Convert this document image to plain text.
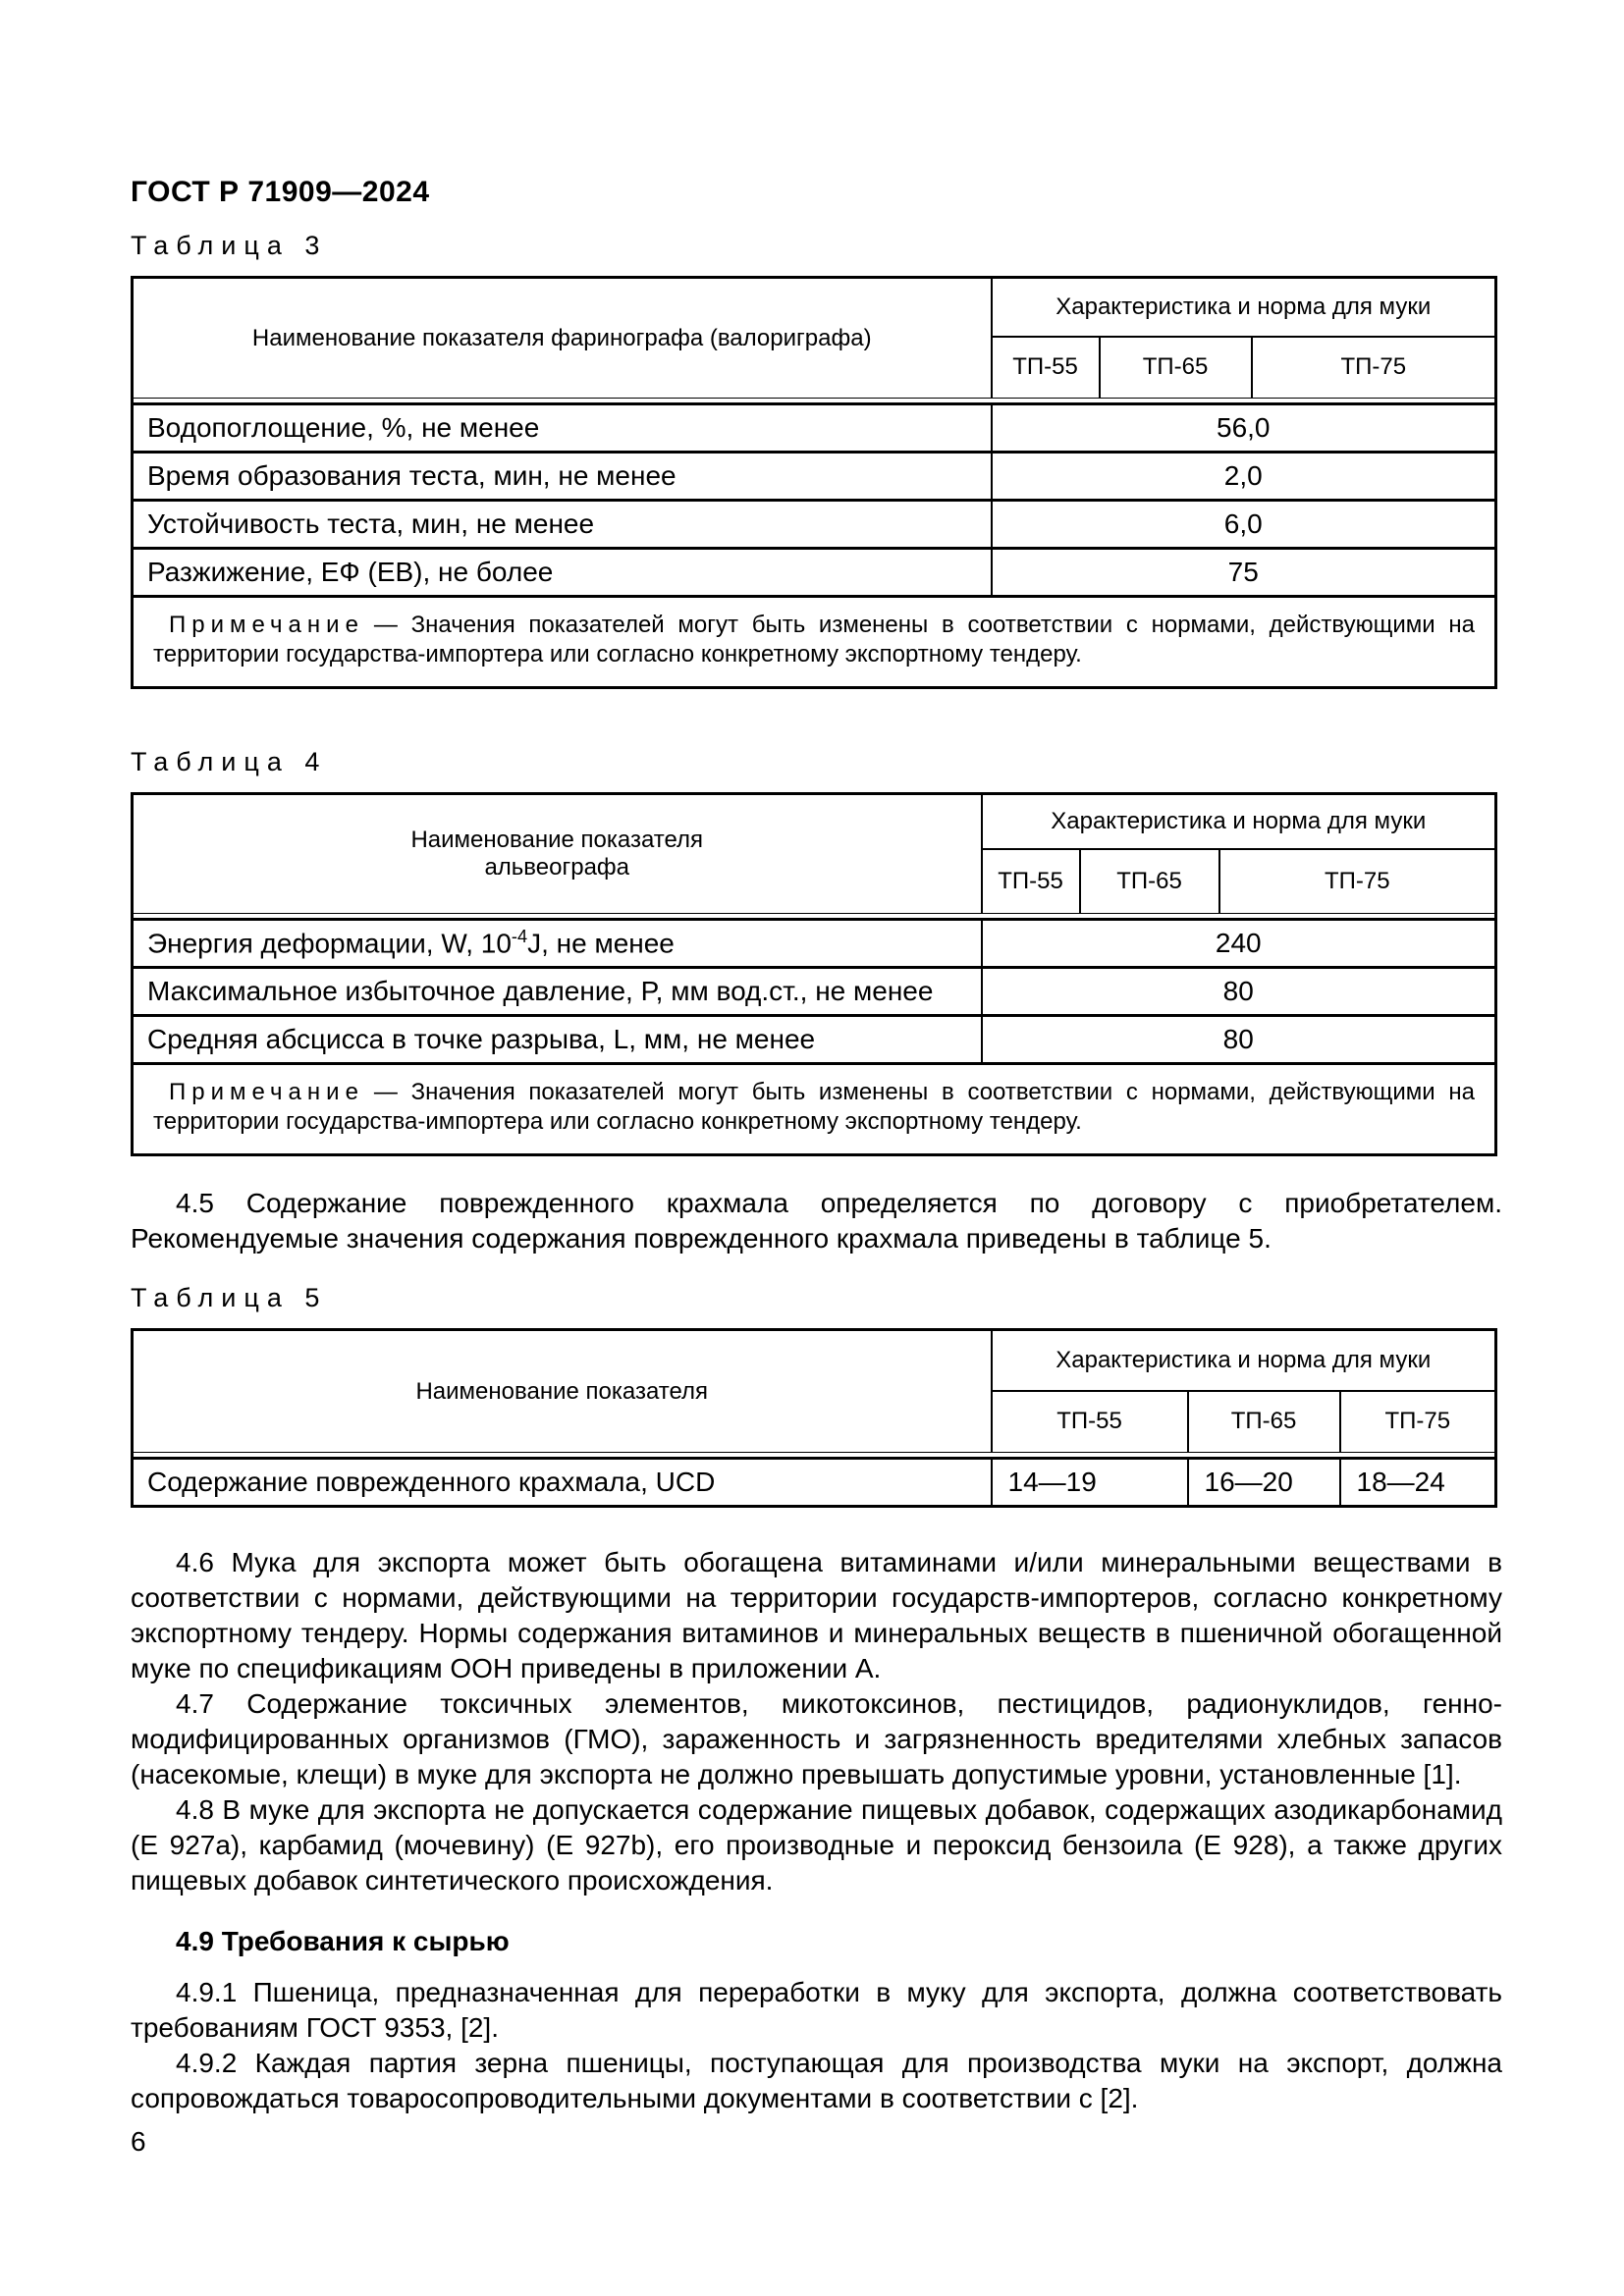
ГОСТ Р 71909—2024

Таблица 3

Наименование показателя фаринографа (валориграфа)	Характеристика и норма для муки		
	ТП-55	ТП-65	ТП-75

Водопоглощение, %, не менее	56,0		
Время образования теста, мин, не менее	2,0		
Устойчивость теста, мин, не менее	6,0		
Разжижение, ЕФ (ЕВ), не более	75		

Примечание — Значения показателей могут быть изменены в соответствии с нормами, действующими на территории государства-импортера или согласно конкретному экспортному тендеру.			

Таблица 4

Наименование показателя
альвеографа	Характеристика и норма для муки		
	ТП-55	ТП-65	ТП-75

Энергия деформации, W, $10^{-4}J$, не менее	240		
Максимальное избыточное давление, P, мм вод.ст., не менее	80		
Средняя абсцисса в точке разрыва, L, мм, не менее	80		

Примечание — Значения показателей могут быть изменены в соответствии с нормами, действующими на территории государства-импортера или согласно конкретному экспортному тендеру.			

4.5 Содержание поврежденного крахмала определяется по договору с приобретателем. Рекомендуемые значения содержания поврежденного крахмала приведены в таблице 5.

Таблица 5

Наименование показателя	Характеристика и норма для муки		
	ТП-55	ТП-65	ТП-75

Содержание поврежденного крахмала, UCD	14—19	16—20	18—24

4.6 Мука для экспорта может быть обогащена витаминами и/или минеральными веществами в соответствии с нормами, действующими на территории государств-импортеров, согласно конкретному экспортному тендеру. Нормы содержания витаминов и минеральных веществ в пшеничной обогащенной муке по спецификациям ООН приведены в приложении А.

4.7 Содержание токсичных элементов, микотоксинов, пестицидов, радионуклидов, генно-модифицированных организмов (ГМО), зараженность и загрязненность вредителями хлебных запасов (насекомые, клещи) в муке для экспорта не должно превышать допустимые уровни, установленные [1].

4.8 В муке для экспорта не допускается содержание пищевых добавок, содержащих азодикарбонамид (Е 927а), карбамид (мочевину) (Е 927b), его производные и пероксид бензоила (Е 928), а также других пищевых добавок синтетического происхождения.

4.9 Требования к сырью

4.9.1 Пшеница, предназначенная для переработки в муку для экспорта, должна соответствовать требованиям ГОСТ 9353, [2].

4.9.2 Каждая партия зерна пшеницы, поступающая для производства муки на экспорт, должна сопровождаться товаросопроводительными документами в соответствии с [2].

6
